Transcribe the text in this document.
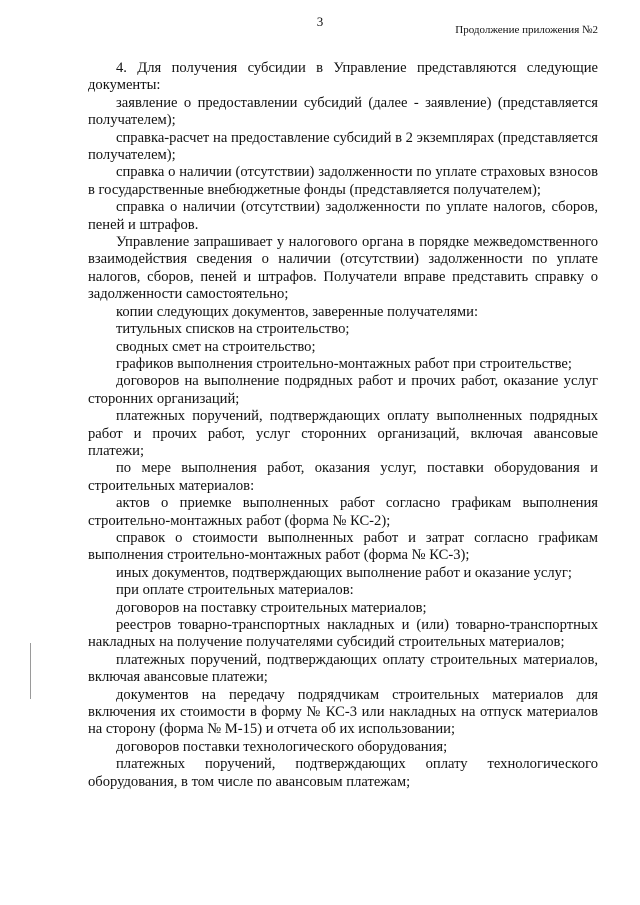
3
Продолжение приложения №2

4. Для получения субсидии в Управление представляются следующие документы:

заявление о предоставлении субсидий (далее - заявление) (представляется получателем);

справка-расчет на предоставление субсидий в 2 экземплярах (представляется получателем);

справка о наличии (отсутствии) задолженности по уплате страховых взносов в государственные внебюджетные фонды (представляется получателем);

справка о наличии (отсутствии) задолженности по уплате налогов, сборов, пеней и штрафов.

Управление запрашивает у налогового органа в порядке межведомственного взаимодействия сведения о наличии (отсутствии) задолженности по уплате налогов, сборов, пеней и штрафов. Получатели вправе представить справку о задолженности самостоятельно;

копии следующих документов, заверенные получателями:

титульных списков на строительство;

сводных смет на строительство;

графиков выполнения строительно-монтажных работ при строительстве;

договоров на выполнение подрядных работ и прочих работ, оказание услуг сторонних организаций;

платежных поручений, подтверждающих оплату выполненных подрядных работ и прочих работ, услуг сторонних организаций, включая авансовые платежи;

по мере выполнения работ, оказания услуг, поставки оборудования и строительных материалов:

актов о приемке выполненных работ согласно графикам выполнения строительно-монтажных работ (форма № КС-2);

справок о стоимости выполненных работ и затрат согласно графикам выполнения строительно-монтажных работ (форма № КС-3);

иных документов, подтверждающих выполнение работ и оказание услуг;

при оплате строительных материалов:

договоров на поставку строительных материалов;

реестров товарно-транспортных накладных и (или) товарно-транспортных накладных на получение получателями субсидий строительных материалов;

платежных поручений, подтверждающих оплату строительных материалов, включая авансовые платежи;

документов на передачу подрядчикам строительных материалов для включения их стоимости в форму № КС-3 или накладных на отпуск материалов на сторону (форма № М-15) и отчета об их использовании;

договоров поставки технологического оборудования;

платежных поручений, подтверждающих оплату технологического оборудования, в том числе по авансовым платежам;
